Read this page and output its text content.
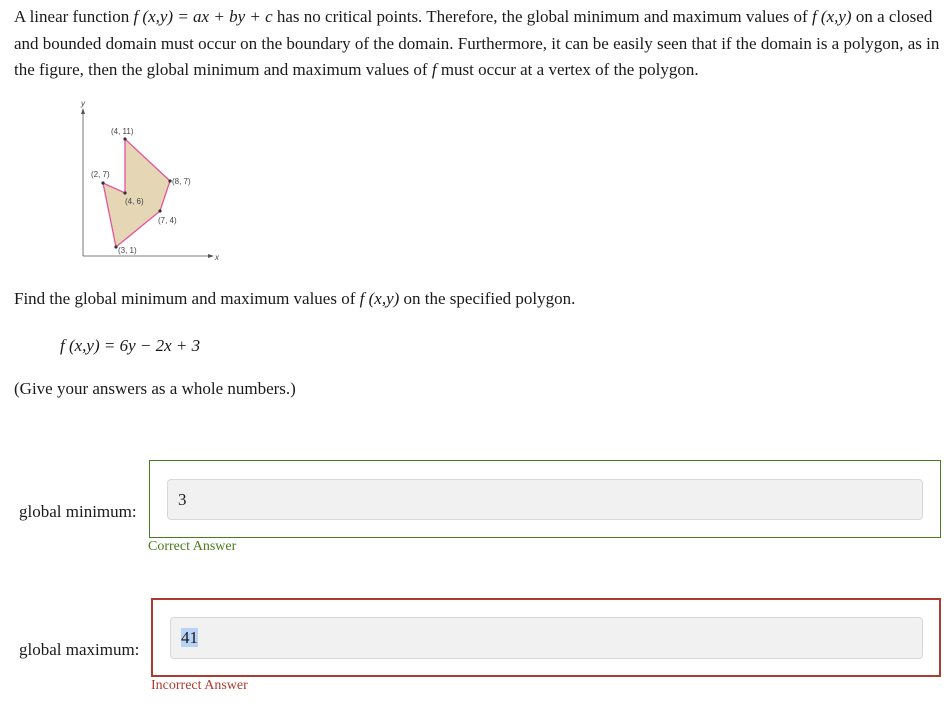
A linear function f (x,y) = ax + by + c has no critical points. Therefore, the global minimum and maximum values of f (x,y) on a closed and bounded domain must occur on the boundary of the domain. Furthermore, it can be easily seen that if the domain is a polygon, as in the figure, then the global minimum and maximum values of f must occur at a vertex of the polygon.

y
x
(4, 11)
(8, 7)
(7, 4)
(3, 1)
(2, 7)
(4, 6)

Find the global minimum and maximum values of f (x,y) on the specified polygon.

f (x,y) = 6y − 2x + 3

(Give your answers as a whole numbers.)

global minimum:
3
Correct Answer
global maximum:
41
Incorrect Answer
